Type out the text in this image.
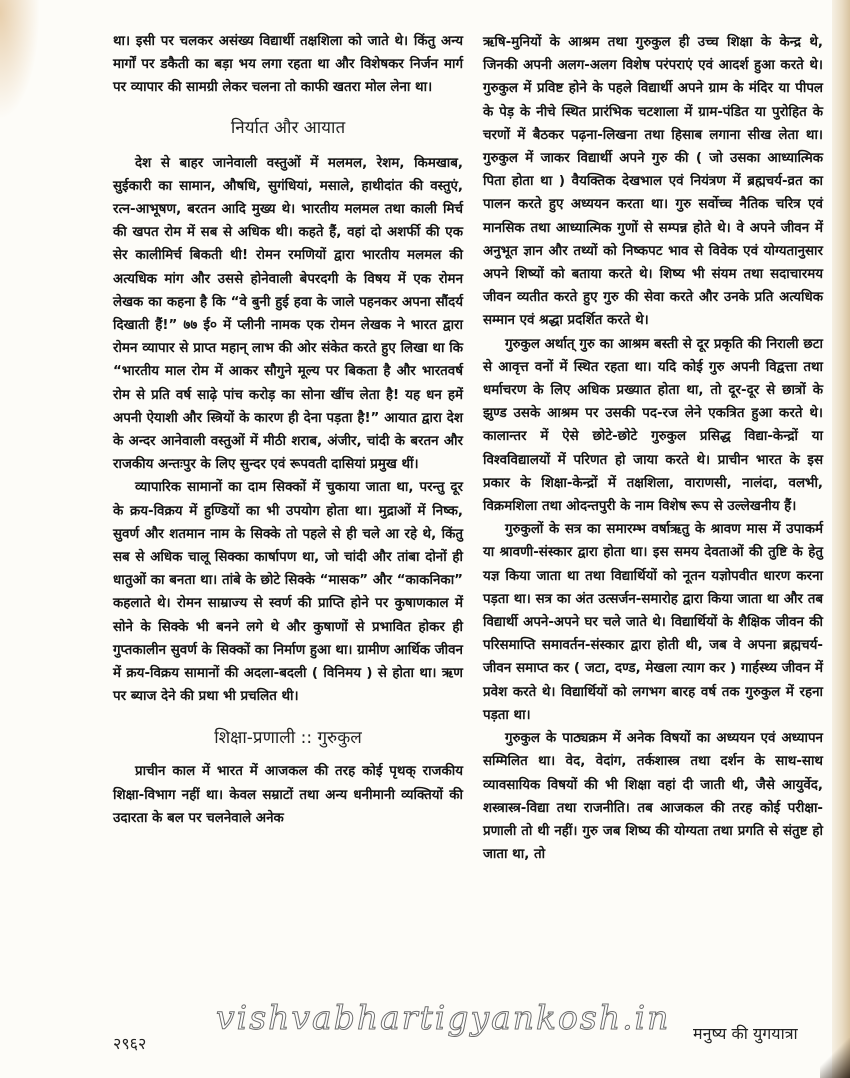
था। इसी पर चलकर असंख्य विद्यार्थी तक्षशिला को जाते थे। किंतु अन्य मार्गों पर डकैती का बड़ा भय लगा रहता था और विशेषकर निर्जन मार्ग पर व्यापार की सामग्री लेकर चलना तो काफी खतरा मोल लेना था।

निर्यात और आयात

देश से बाहर जानेवाली वस्तुओं में मलमल, रेशम, किमखाब, सुईकारी का सामान, औषधि, सुगंधियां, मसाले, हाथीदांत की वस्तुएं, रत्न-आभूषण, बरतन आदि मुख्य थे। भारतीय मलमल तथा काली मिर्च की खपत रोम में सब से अधिक थी। कहते हैं, वहां दो अशर्फी की एक सेर कालीमिर्च बिकती थी! रोमन रमणियों द्वारा भारतीय मलमल की अत्यधिक मांग और उससे होनेवाली बेपरदगी के विषय में एक रोमन लेखक का कहना है कि “वे बुनी हुई हवा के जाले पहनकर अपना सौंदर्य दिखाती हैं!” ७७ ई० में प्लीनी नामक एक रोमन लेखक ने भारत द्वारा रोमन व्यापार से प्राप्त महान् लाभ की ओर संकेत करते हुए लिखा था कि “भारतीय माल रोम में आकर सौगुने मूल्य पर बिकता है और भारतवर्ष रोम से प्रति वर्ष साढ़े पांच करोड़ का सोना खींच लेता है! यह धन हमें अपनी ऐयाशी और स्त्रियों के कारण ही देना पड़ता है!” आयात द्वारा देश के अन्दर आनेवाली वस्तुओं में मीठी शराब, अंजीर, चांदी के बरतन और राजकीय अन्तःपुर के लिए सुन्दर एवं रूपवती दासियां प्रमुख थीं।

व्यापारिक सामानों का दाम सिक्कों में चुकाया जाता था, परन्तु दूर के क्रय-विक्रय में हुण्डियों का भी उपयोग होता था। मुद्राओं में निष्क, सुवर्ण और शतमान नाम के सिक्के तो पहले से ही चले आ रहे थे, किंतु सब से अधिक चालू सिक्का कार्षापण था, जो चांदी और तांबा दोनों ही धातुओं का बनता था। तांबे के छोटे सिक्के “मासक” और “काकनिका” कहलाते थे। रोमन साम्राज्य से स्वर्ण की प्राप्ति होने पर कुषाणकाल में सोने के सिक्के भी बनने लगे थे और कुषाणों से प्रभावित होकर ही गुप्तकालीन सुवर्ण के सिक्कों का निर्माण हुआ था। ग्रामीण आर्थिक जीवन में क्रय-विक्रय सामानों की अदला-बदली ( विनिमय ) से होता था। ऋण पर ब्याज देने की प्रथा भी प्रचलित थी।

शिक्षा-प्रणाली :: गुरुकुल

प्राचीन काल में भारत में आजकल की तरह कोई पृथक् राजकीय शिक्षा-विभाग नहीं था। केवल सम्राटों तथा अन्य धनीमानी व्यक्तियों की उदारता के बल पर चलनेवाले अनेक

ऋषि-मुनियों के आश्रम तथा गुरुकुल ही उच्च शिक्षा के केन्द्र थे, जिनकी अपनी अलग-अलग विशेष परंपराएं एवं आदर्श हुआ करते थे। गुरुकुल में प्रविष्ट होने के पहले विद्यार्थी अपने ग्राम के मंदिर या पीपल के पेड़ के नीचे स्थित प्रारंभिक चटशाला में ग्राम-पंडित या पुरोहित के चरणों में बैठकर पढ़ना-लिखना तथा हिसाब लगाना सीख लेता था। गुरुकुल में जाकर विद्यार्थी अपने गुरु की ( जो उसका आध्यात्मिक पिता होता था ) वैयक्तिक देखभाल एवं नियंत्रण में ब्रह्मचर्य-व्रत का पालन करते हुए अध्ययन करता था। गुरु सर्वोच्च नैतिक चरित्र एवं मानसिक तथा आध्यात्मिक गुणों से सम्पन्न होते थे। वे अपने जीवन में अनुभूत ज्ञान और तथ्यों को निष्कपट भाव से विवेक एवं योग्यतानुसार अपने शिष्यों को बताया करते थे। शिष्य भी संयम तथा सदाचारमय जीवन व्यतीत करते हुए गुरु की सेवा करते और उनके प्रति अत्यधिक सम्मान एवं श्रद्धा प्रदर्शित करते थे।

गुरुकुल अर्थात् गुरु का आश्रम बस्ती से दूर प्रकृति की निराली छटा से आवृत्त वनों में स्थित रहता था। यदि कोई गुरु अपनी विद्वत्ता तथा धर्माचरण के लिए अधिक प्रख्यात होता था, तो दूर-दूर से छात्रों के झुण्ड उसके आश्रम पर उसकी पद-रज लेने एकत्रित हुआ करते थे। कालान्तर में ऐसे छोटे-छोटे गुरुकुल प्रसिद्ध विद्या-केन्द्रों या विश्वविद्यालयों में परिणत हो जाया करते थे। प्राचीन भारत के इस प्रकार के शिक्षा-केन्द्रों में तक्षशिला, वाराणसी, नालंदा, वलभी, विक्रमशिला तथा ओदन्तपुरी के नाम विशेष रूप से उल्लेखनीय हैं।

गुरुकुलों के सत्र का समारम्भ वर्षाऋतु के श्रावण मास में उपाकर्म या श्रावणी-संस्कार द्वारा होता था। इस समय देवताओं की तुष्टि के हेतु यज्ञ किया जाता था तथा विद्यार्थियों को नूतन यज्ञोपवीत धारण करना पड़ता था। सत्र का अंत उत्सर्जन-समारोह द्वारा किया जाता था और तब विद्यार्थी अपने-अपने घर चले जाते थे। विद्यार्थियों के शैक्षिक जीवन की परिसमाप्ति समावर्तन-संस्कार द्वारा होती थी, जब वे अपना ब्रह्मचर्य-जीवन समाप्त कर ( जटा, दण्ड, मेखला त्याग कर ) गार्हस्थ्य जीवन में प्रवेश करते थे। विद्यार्थियों को लगभग बारह वर्ष तक गुरुकुल में रहना पड़ता था।

गुरुकुल के पाठ्यक्रम में अनेक विषयों का अध्ययन एवं अध्यापन सम्मिलित था। वेद, वेदांग, तर्कशास्त्र तथा दर्शन के साथ-साथ व्यावसायिक विषयों की भी शिक्षा वहां दी जाती थी, जैसे आयुर्वेद, शस्त्रास्त्र-विद्या तथा राजनीति। तब आजकल की तरह कोई परीक्षा-प्रणाली तो थी नहीं। गुरु जब शिष्य की योग्यता तथा प्रगति से संतुष्ट हो जाता था, तो

२९६२
मनुष्य की युगयात्रा
vishvabhartigyankosh.in
